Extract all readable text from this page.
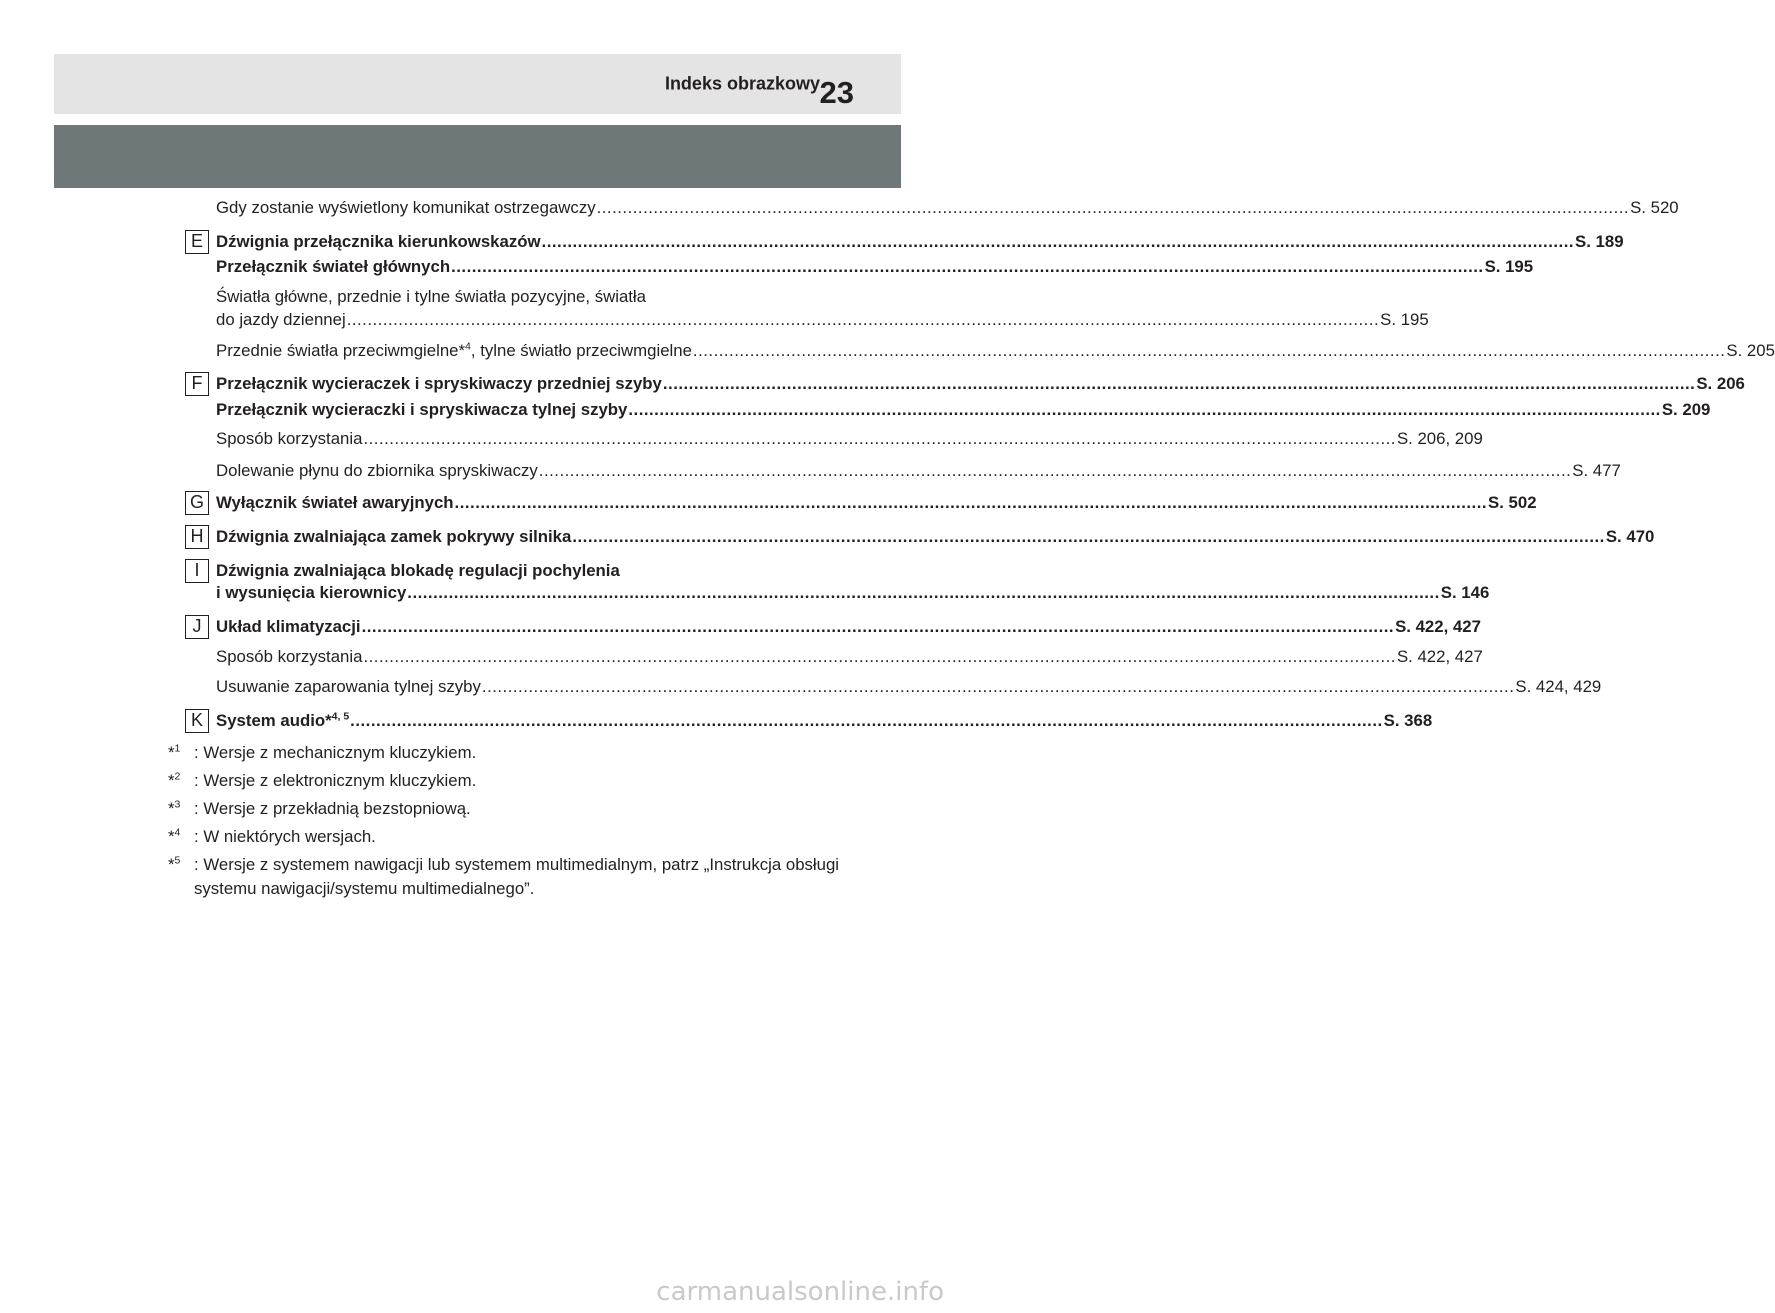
Indeks obrazkowy 23
Gdy zostanie wyświetlony komunikat ostrzegawczy ........................................................................................................................................................................................................ S. 520
E Dźwignia przełącznika kierunkowskazów ........................................................................................................................................................................................................ S. 189
Przełącznik świateł głównych ........................................................................................................................................................................................................ S. 195
Światła główne, przednie i tylne światła pozycyjne, światła
do jazdy dziennej ........................................................................................................................................................................................................ S. 195
Przednie światła przeciwmgielne*$^4$, tylne światło przeciwmgielne ........................................................................................................................................................................................................ S. 205
F Przełącznik wycieraczek i spryskiwaczy przedniej szyby ........................................................................................................................................................................................................ S. 206
Przełącznik wycieraczki i spryskiwacza tylnej szyby ........................................................................................................................................................................................................ S. 209
Sposób korzystania ........................................................................................................................................................................................................ S. 206, 209
Dolewanie płynu do zbiornika spryskiwaczy ........................................................................................................................................................................................................ S. 477
G Wyłącznik świateł awaryjnych ........................................................................................................................................................................................................ S. 502
H Dźwignia zwalniająca zamek pokrywy silnika ........................................................................................................................................................................................................ S. 470
I Dźwignia zwalniająca blokadę regulacji pochylenia
i wysunięcia kierownicy ........................................................................................................................................................................................................ S. 146
J Układ klimatyzacji ........................................................................................................................................................................................................ S. 422, 427
Sposób korzystania ........................................................................................................................................................................................................ S. 422, 427
Usuwanie zaparowania tylnej szyby ........................................................................................................................................................................................................ S. 424, 429
K System audio*$^{4, 5}$ ........................................................................................................................................................................................................ S. 368
*$^1$ : Wersje z mechanicznym kluczykiem.
*$^2$ : Wersje z elektronicznym kluczykiem.
*$^3$ : Wersje z przekładnią bezstopniową.
*$^4$ : W niektórych wersjach.
*$^5$ : Wersje z systemem nawigacji lub systemem multimedialnym, patrz „Instrukcja obsługi systemu nawigacji/systemu multimedialnego”.
carmanualsonline.info
